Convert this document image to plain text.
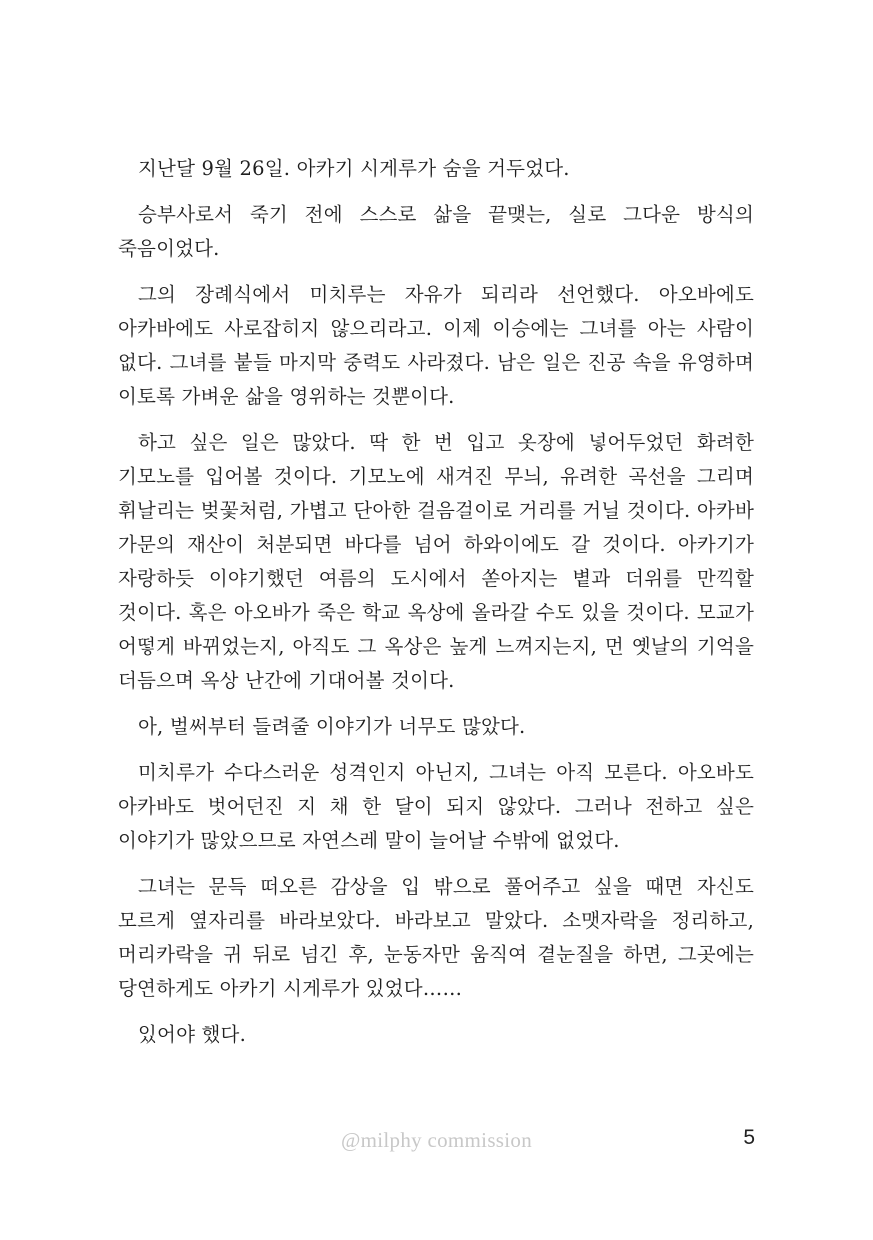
지난달 9월 26일. 아카기 시게루가 숨을 거두었다.

승부사로서 죽기 전에 스스로 삶을 끝맺는, 실로 그다운 방식의 죽음이었다.

그의 장례식에서 미치루는 자유가 되리라 선언했다. 아오바에도 아카바에도 사로잡히지 않으리라고. 이제 이승에는 그녀를 아는 사람이 없다. 그녀를 붙들 마지막 중력도 사라졌다. 남은 일은 진공 속을 유영하며 이토록 가벼운 삶을 영위하는 것뿐이다.

하고 싶은 일은 많았다. 딱 한 번 입고 옷장에 넣어두었던 화려한 기모노를 입어볼 것이다. 기모노에 새겨진 무늬, 유려한 곡선을 그리며 휘날리는 벚꽃처럼, 가볍고 단아한 걸음걸이로 거리를 거닐 것이다. 아카바 가문의 재산이 처분되면 바다를 넘어 하와이에도 갈 것이다. 아카기가 자랑하듯 이야기했던 여름의 도시에서 쏟아지는 볕과 더위를 만끽할 것이다. 혹은 아오바가 죽은 학교 옥상에 올라갈 수도 있을 것이다. 모교가 어떻게 바뀌었는지, 아직도 그 옥상은 높게 느껴지는지, 먼 옛날의 기억을 더듬으며 옥상 난간에 기대어볼 것이다.

아, 벌써부터 들려줄 이야기가 너무도 많았다.

미치루가 수다스러운 성격인지 아닌지, 그녀는 아직 모른다. 아오바도 아카바도 벗어던진 지 채 한 달이 되지 않았다. 그러나 전하고 싶은 이야기가 많았으므로 자연스레 말이 늘어날 수밖에 없었다.

그녀는 문득 떠오른 감상을 입 밖으로 풀어주고 싶을 때면 자신도 모르게 옆자리를 바라보았다. 바라보고 말았다. 소맷자락을 정리하고, 머리카락을 귀 뒤로 넘긴 후, 눈동자만 움직여 곁눈질을 하면, 그곳에는 당연하게도 아카기 시게루가 있었다……

있어야 했다.

@milphy commission	5
